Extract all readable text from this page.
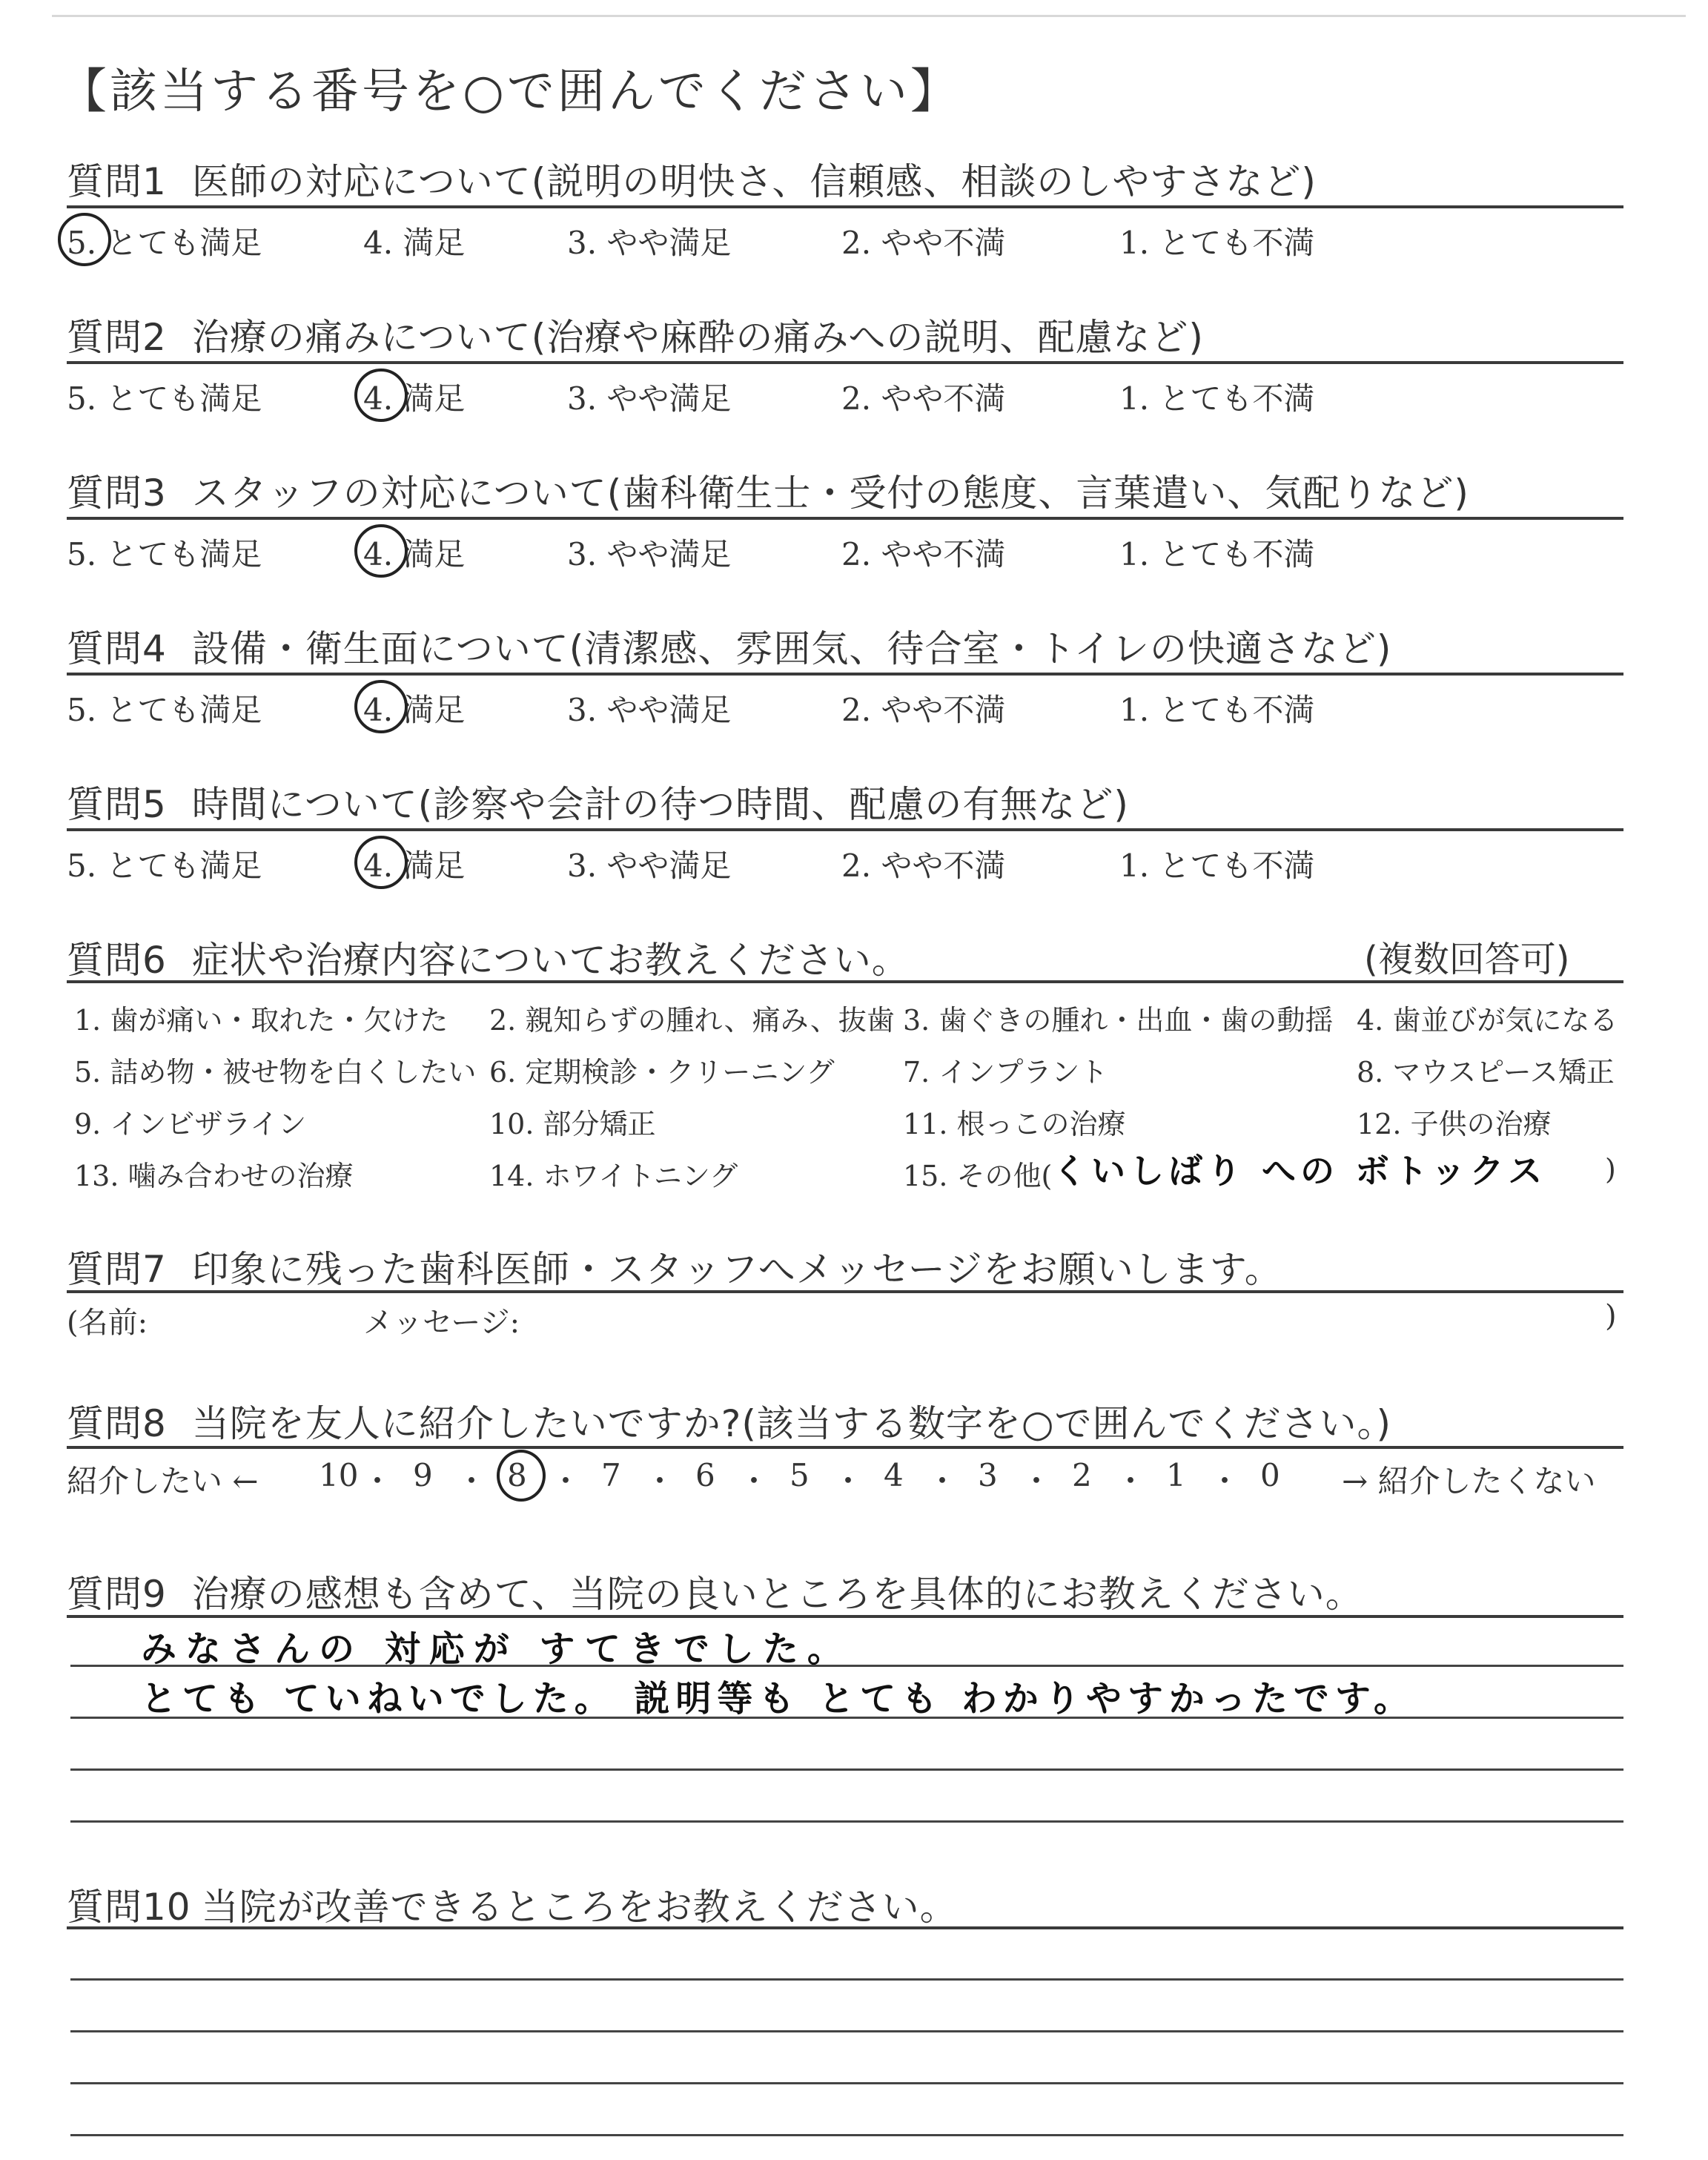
【該当する番号を○で囲んでください】
質問1 医師の対応について(説明の明快さ、信頼感、相談のしやすさなど)
5. とても満足	4. 満足	3. やや満足	2. やや不満	1. とても不満
質問2 治療の痛みについて(治療や麻酔の痛みへの説明、配慮など)
5. とても満足	4. 満足	3. やや満足	2. やや不満	1. とても不満
質問3 スタッフの対応について(歯科衛生士・受付の態度、言葉遣い、気配りなど)
5. とても満足	4. 満足	3. やや満足	2. やや不満	1. とても不満
質問4 設備・衛生面について(清潔感、雰囲気、待合室・トイレの快適さなど)
5. とても満足	4. 満足	3. やや満足	2. やや不満	1. とても不満
質問5 時間について(診察や会計の待つ時間、配慮の有無など)
5. とても満足	4. 満足	3. やや満足	2. やや不満	1. とても不満
質問6 症状や治療内容についてお教えください。	(複数回答可)
1. 歯が痛い・取れた・欠けた 2. 親知らずの腫れ、痛み、抜歯 3. 歯ぐきの腫れ・出血・歯の動揺 4. 歯並びが気になる
5. 詰め物・被せ物を白くしたい 6. 定期検診・クリーニング 7. インプラント	8. マウスピース矯正
9. インビザライン	10. 部分矯正	11. 根っこの治療	12. 子供の治療
13. 噛み合わせの治療	14. ホワイトニング	15. その他( くいしばり への ボトックス )
質問7 印象に残った歯科医師・スタッフへメッセージをお願いします。
(名前:	メッセージ:	)
質問8 当院を友人に紹介したいですか?(該当する数字を○で囲んでください。)
紹介したい ← 10 ・ 9 ・ 8 ・ 7 ・ 6 ・ 5 ・ 4 ・ 3 ・ 2 ・ 1 ・ 0 → 紹介したくない
質問9 治療の感想も含めて、当院の良いところを具体的にお教えください。
みなさんの 対応が すてきでした。
とても ていねいでした。 説明等も とても わかりやすかったです。
質問10 当院が改善できるところをお教えください。
